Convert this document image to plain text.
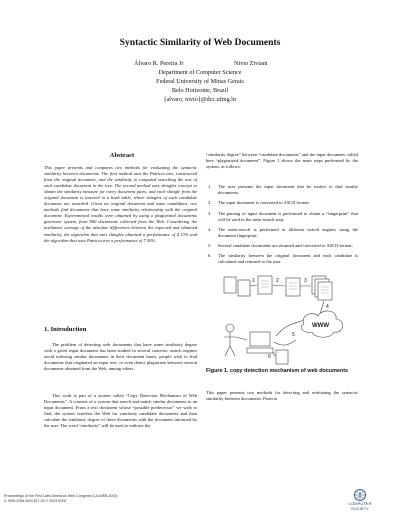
Syntactic Similarity of Web Documents
Álvaro R. Pereira Jr	Nivio Ziviani
Department of Computer Science
Federal University of Minas Gerais
Belo Horizonte, Brazil
{alvaro, nivio}@dcc.ufmg.br
Abstract
This paper presents and compares two methods for evaluating the syntactic similarity between documents. The first method uses the Patricia tree, constructed from the original document, and the similarity is computed searching the text of each candidate document in the tree. The second method uses shingles concept to obtain the similarity measure for every document pairs, and each shingle from the original document is inserted in a hash table, where shingles of each candidate document are searched. Given an original document and some candidates, two methods find documents that have some similarity relationship with the original document. Experimental results were obtained by using a plagiarized documents generator system, from 900 documents collected from the Web. Considering the arithmetic average of the absolute differences between the expected and obtained similarity, the algorithm that uses shingles obtained a performance of 4.13% and the algorithm that uses Patricia tree a performance of 7.50%.
1. Introduction
The problem of detecting web documents that have some similarity degree with a given input document has been studied in several contexts: search engines avoid indexing similar documents in their document bases, people wish to find documents that originated an input text, or even detect plagiarism between several documents obtained from the Web, among others.
This work is part of a system called “Copy Detection Mechanism of Web Documents”. It consists of a system that search and match similar documents to an input document. From a text document whose “possible predecessor” we wish to find, the system searches the Web for similarity candidate documents and then calculate the similarity degree of these documents with the document informed by the user. The word “similarity” will be used to indicate the
“similarity degree” between “candidate documents” and the input document, called here “plagiarized document”. Figure 1 shows the main steps performed by the system, as follows:
1. The user presents the input document that he wishes to find similar documents;
2. The input document is converted to ASCII format;
3. The parsing of input document is performed to obtain a “fingerprint” that will be used in the meta-search step;
4. The meta-search is performed in different search engines using the document fingerprint;
5. Several candidate documents are returned and converted to ASCII format;
6. The similarity between the original document and each candidate is calculated and returned to the user.
1	2	3
4
5
6
WWW
Figure 1. copy detection mechanism of web documents
This paper presents two methods for detecting and evaluating the syntactic similarity between documents: Patricia
Proceedings of the First Latin American Web Congress (LA-WEB 2003)
0-7695-2058-8/03 $17.00 © 2003 IEEE
COMPUTER
SOCIETY
